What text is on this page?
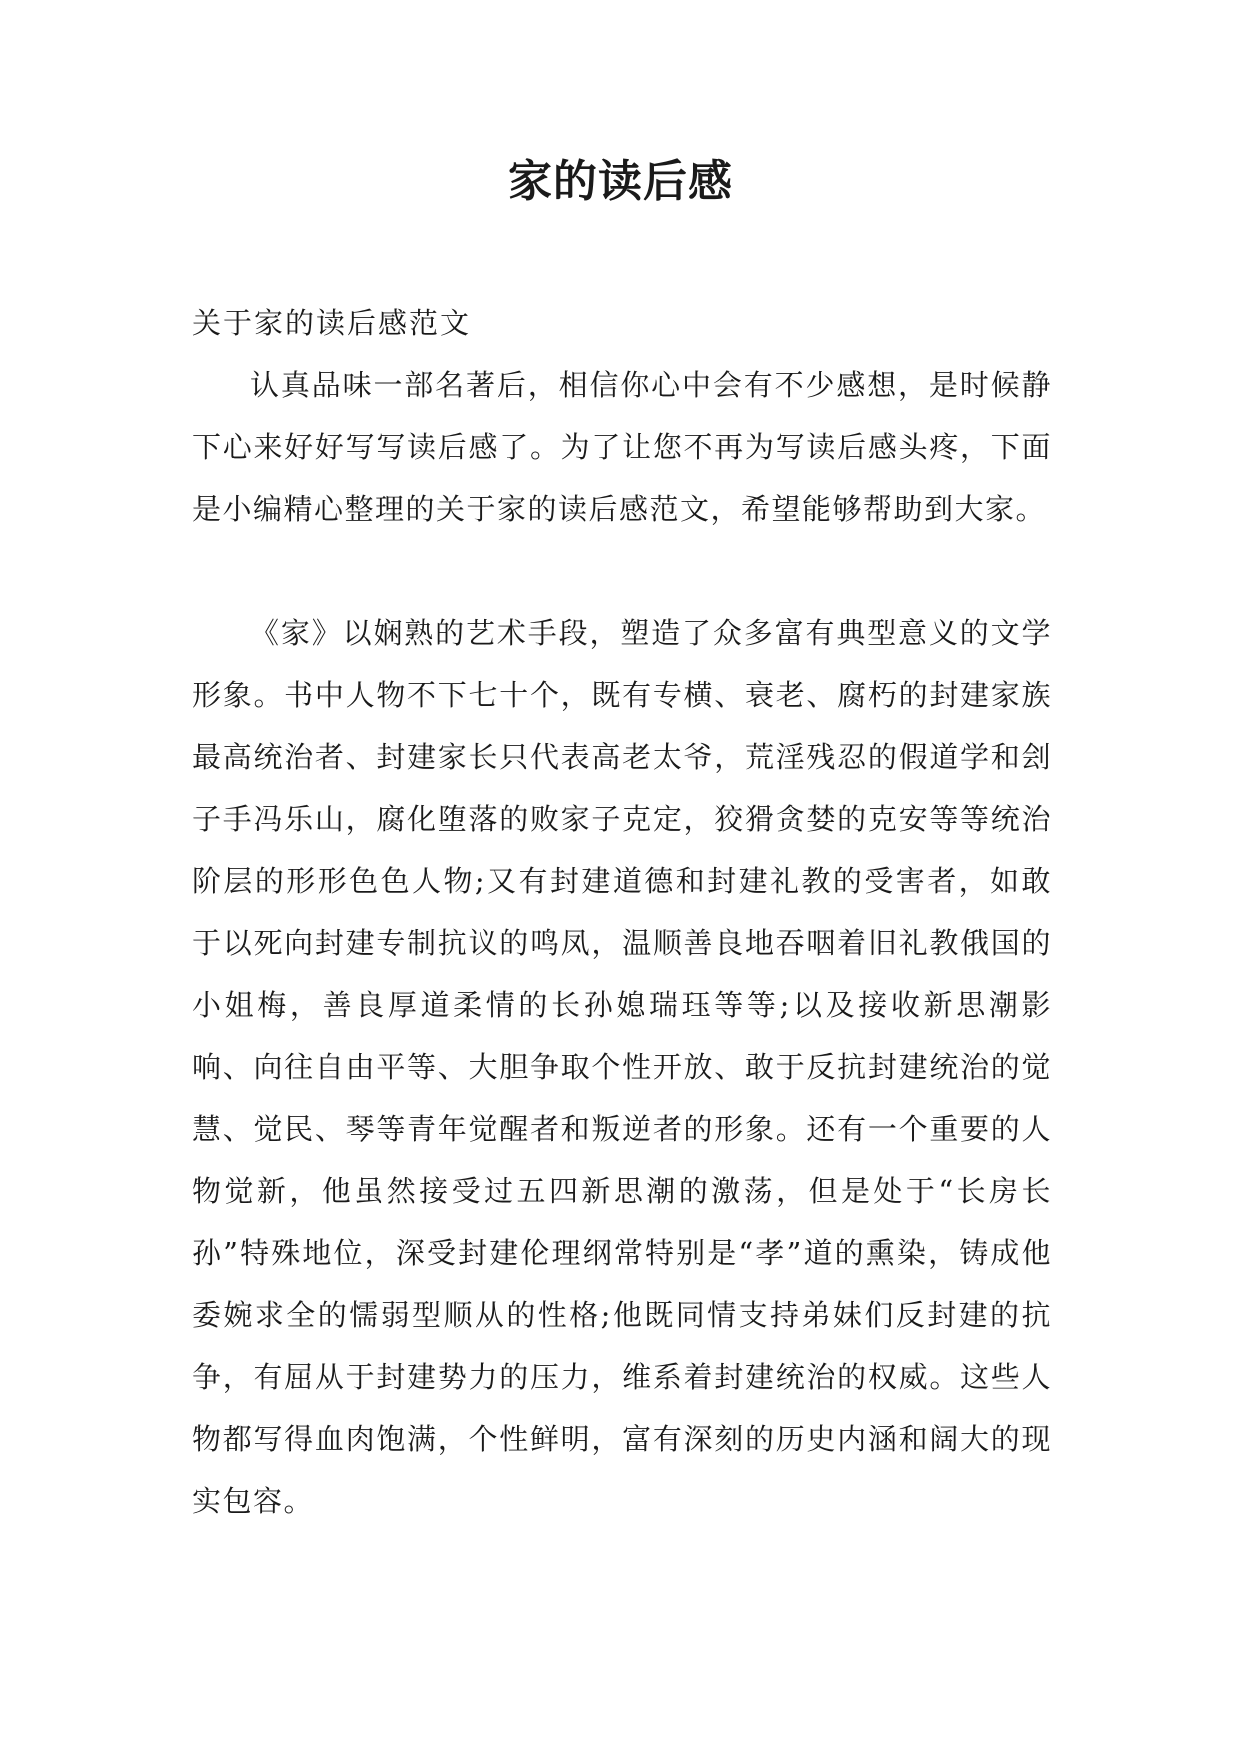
家的读后感

关于家的读后感范文

认真品味一部名著后，相信你心中会有不少感想，是时候静下心来好好写写读后感了。为了让您不再为写读后感头疼，下面是小编精心整理的关于家的读后感范文，希望能够帮助到大家。

《家》以娴熟的艺术手段，塑造了众多富有典型意义的文学形象。书中人物不下七十个，既有专横、衰老、腐朽的封建家族最高统治者、封建家长只代表高老太爷，荒淫残忍的假道学和刽子手冯乐山，腐化堕落的败家子克定，狡猾贪婪的克安等等统治阶层的形形色色人物;又有封建道德和封建礼教的受害者，如敢于以死向封建专制抗议的鸣凤，温顺善良地吞咽着旧礼教俄国的小姐梅，善良厚道柔情的长孙媳瑞珏等等;以及接收新思潮影响、向往自由平等、大胆争取个性开放、敢于反抗封建统治的觉慧、觉民、琴等青年觉醒者和叛逆者的形象。还有一个重要的人物觉新，他虽然接受过五四新思潮的激荡，但是处于“长房长孙”特殊地位，深受封建伦理纲常特别是“孝”道的熏染，铸成他委婉求全的懦弱型顺从的性格;他既同情支持弟妹们反封建的抗争，有屈从于封建势力的压力，维系着封建统治的权威。这些人物都写得血肉饱满，个性鲜明，富有深刻的历史内涵和阔大的现实包容。
